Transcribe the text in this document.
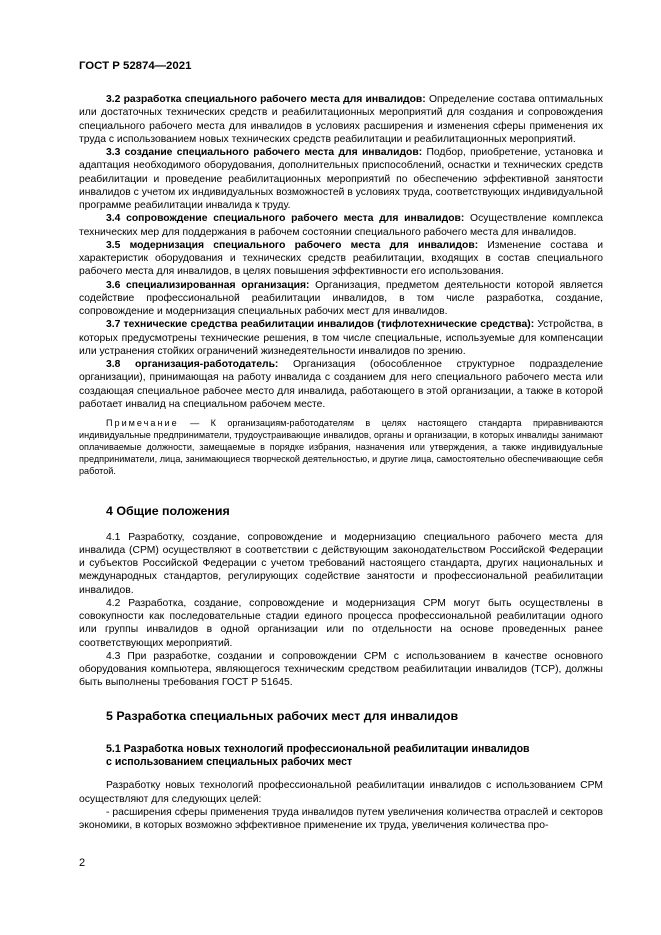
ГОСТ Р 52874—2021

3.2 разработка специального рабочего места для инвалидов: Определение состава оптимальных или достаточных технических средств и реабилитационных мероприятий для создания и сопровождения специального рабочего места для инвалидов в условиях расширения и изменения сферы применения их труда с использованием новых технических средств реабилитации и реабилитационных мероприятий.

3.3 создание специального рабочего места для инвалидов: Подбор, приобретение, установка и адаптация необходимого оборудования, дополнительных приспособлений, оснастки и технических средств реабилитации и проведение реабилитационных мероприятий по обеспечению эффективной занятости инвалидов с учетом их индивидуальных возможностей в условиях труда, соответствующих индивидуальной программе реабилитации инвалида к труду.

3.4 сопровождение специального рабочего места для инвалидов: Осуществление комплекса технических мер для поддержания в рабочем состоянии специального рабочего места для инвалидов.

3.5 модернизация специального рабочего места для инвалидов: Изменение состава и характеристик оборудования и технических средств реабилитации, входящих в состав специального рабочего места для инвалидов, в целях повышения эффективности его использования.

3.6 специализированная организация: Организация, предметом деятельности которой является содействие профессиональной реабилитации инвалидов, в том числе разработка, создание, сопровождение и модернизация специальных рабочих мест для инвалидов.

3.7 технические средства реабилитации инвалидов (тифлотехнические средства): Устройства, в которых предусмотрены технические решения, в том числе специальные, используемые для компенсации или устранения стойких ограничений жизнедеятельности инвалидов по зрению.

3.8 организация-работодатель: Организация (обособленное структурное подразделение организации), принимающая на работу инвалида с созданием для него специального рабочего места или создающая специальное рабочее место для инвалида, работающего в этой организации, а также в которой работает инвалид на специальном рабочем месте.

Примечание — К организациям-работодателям в целях настоящего стандарта приравниваются индивидуальные предприниматели, трудоустраивающие инвалидов, органы и организации, в которых инвалиды занимают оплачиваемые должности, замещаемые в порядке избрания, назначения или утверждения, а также индивидуальные предприниматели, лица, занимающиеся творческой деятельностью, и другие лица, самостоятельно обеспечивающие себя работой.

4 Общие положения

4.1 Разработку, создание, сопровождение и модернизацию специального рабочего места для инвалида (СРМ) осуществляют в соответствии с действующим законодательством Российской Федерации и субъектов Российской Федерации с учетом требований настоящего стандарта, других национальных и международных стандартов, регулирующих содействие занятости и профессиональной реабилитации инвалидов.

4.2 Разработка, создание, сопровождение и модернизация СРМ могут быть осуществлены в совокупности как последовательные стадии единого процесса профессиональной реабилитации одного или группы инвалидов в одной организации или по отдельности на основе проведенных ранее соответствующих мероприятий.

4.3 При разработке, создании и сопровождении СРМ с использованием в качестве основного оборудования компьютера, являющегося техническим средством реабилитации инвалидов (ТСР), должны быть выполнены требования ГОСТ Р 51645.

5 Разработка специальных рабочих мест для инвалидов
5.1 Разработка новых технологий профессиональной реабилитации инвалидов
с использованием специальных рабочих мест

Разработку новых технологий профессиональной реабилитации инвалидов с использованием СРМ осуществляют для следующих целей:

- расширения сферы применения труда инвалидов путем увеличения количества отраслей и секторов экономики, в которых возможно эффективное применение их труда, увеличения количества про-

2
